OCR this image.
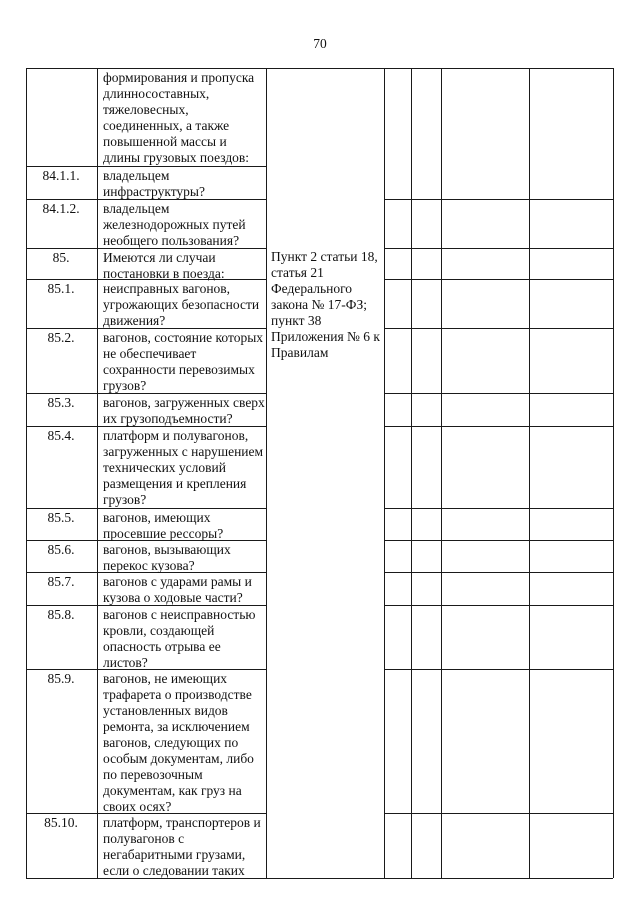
70
формирования и пропуска длинносоставных, тяжеловесных, соединенных, а также повышенной массы и длины грузовых поездов:
Пункт 2 статьи 18, статья 21 Федерального закона № 17-ФЗ; пункт 38 Приложения № 6 к Правилам
84.1.1.	владельцем инфраструктуры?
84.1.2.	владельцем железнодорожных путей необщего пользования?
85.	Имеются ли случаи постановки в поезда:
85.1.	неисправных вагонов, угрожающих безопасности движения?
85.2.	вагонов, состояние которых не обеспечивает сохранности перевозимых грузов?
85.3.	вагонов, загруженных сверх их грузоподъемности?
85.4.	платформ и полувагонов, загруженных с нарушением технических условий размещения и крепления грузов?
85.5.	вагонов, имеющих просевшие рессоры?
85.6.	вагонов, вызывающих перекос кузова?
85.7.	вагонов с ударами рамы и кузова о ходовые части?
85.8.	вагонов с неисправностью кровли, создающей опасность отрыва ее листов?
85.9.	вагонов, не имеющих трафарета о производстве установленных видов ремонта, за исключением вагонов, следующих по особым документам, либо по перевозочным документам, как груз на своих осях?
85.10.	платформ, транспортеров и полувагонов с негабаритными грузами, если о следовании таких
